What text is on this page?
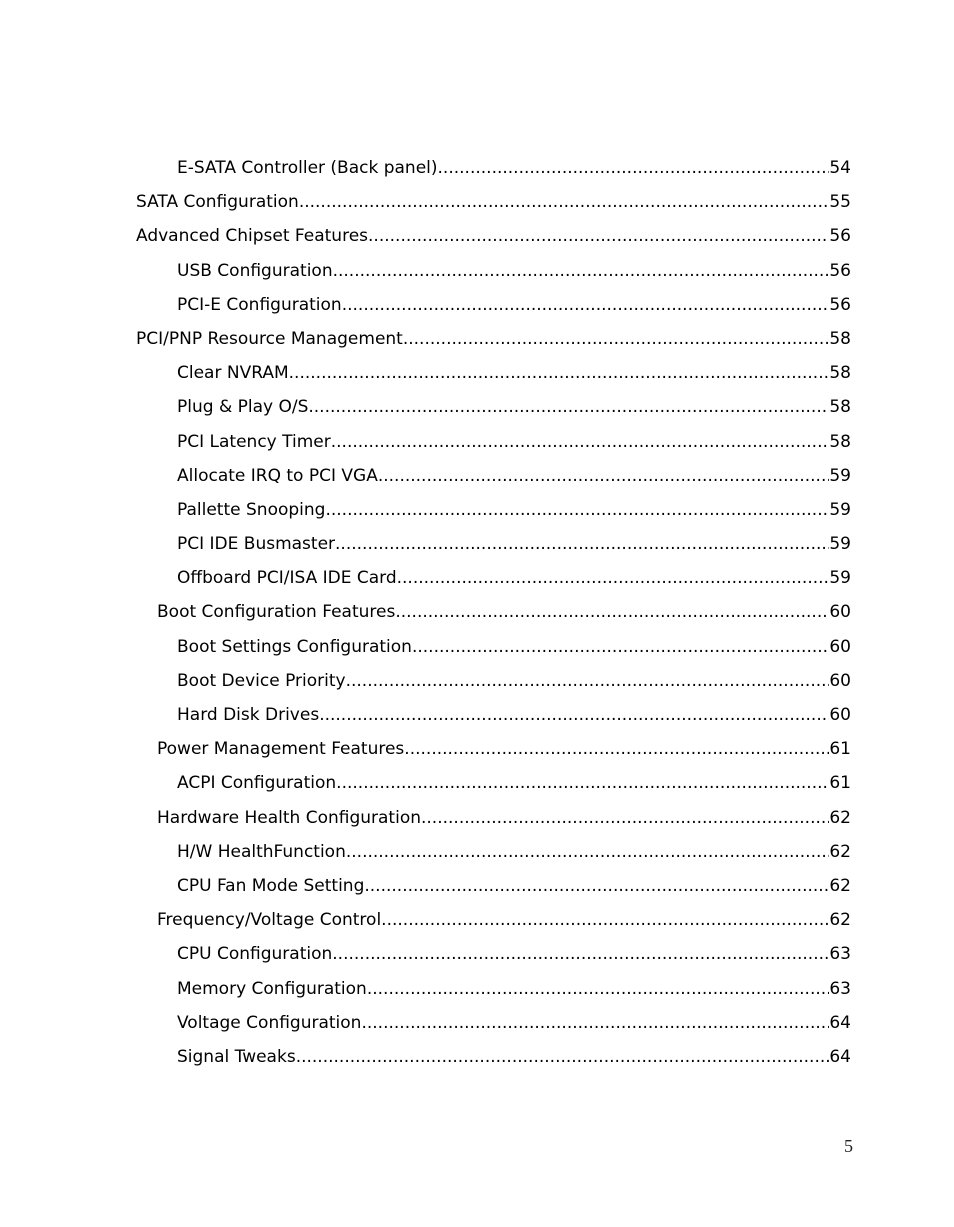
E-SATA Controller (Back panel) .....	54
SATA Configuration .....	55
Advanced Chipset Features .....	56
USB Configuration .....	56
PCI-E Configuration .....	56
PCI/PNP Resource Management .....	58
Clear NVRAM .....	58
Plug & Play O/S .....	58
PCI Latency Timer .....	58
Allocate IRQ to PCI VGA .....	59
Pallette Snooping .....	59
PCI IDE Busmaster .....	59
Offboard PCI/ISA IDE Card .....	59
Boot Configuration Features .....	60
Boot Settings Configuration .....	60
Boot Device Priority .....	60
Hard Disk Drives .....	60
Power Management Features .....	61
ACPI Configuration .....	61
Hardware Health Configuration .....	62
H/W HealthFunction .....	62
CPU Fan Mode Setting .....	62
Frequency/Voltage Control .....	62
CPU Configuration .....	63
Memory Configuration .....	63
Voltage Configuration .....	64
Signal Tweaks .....	64
5
